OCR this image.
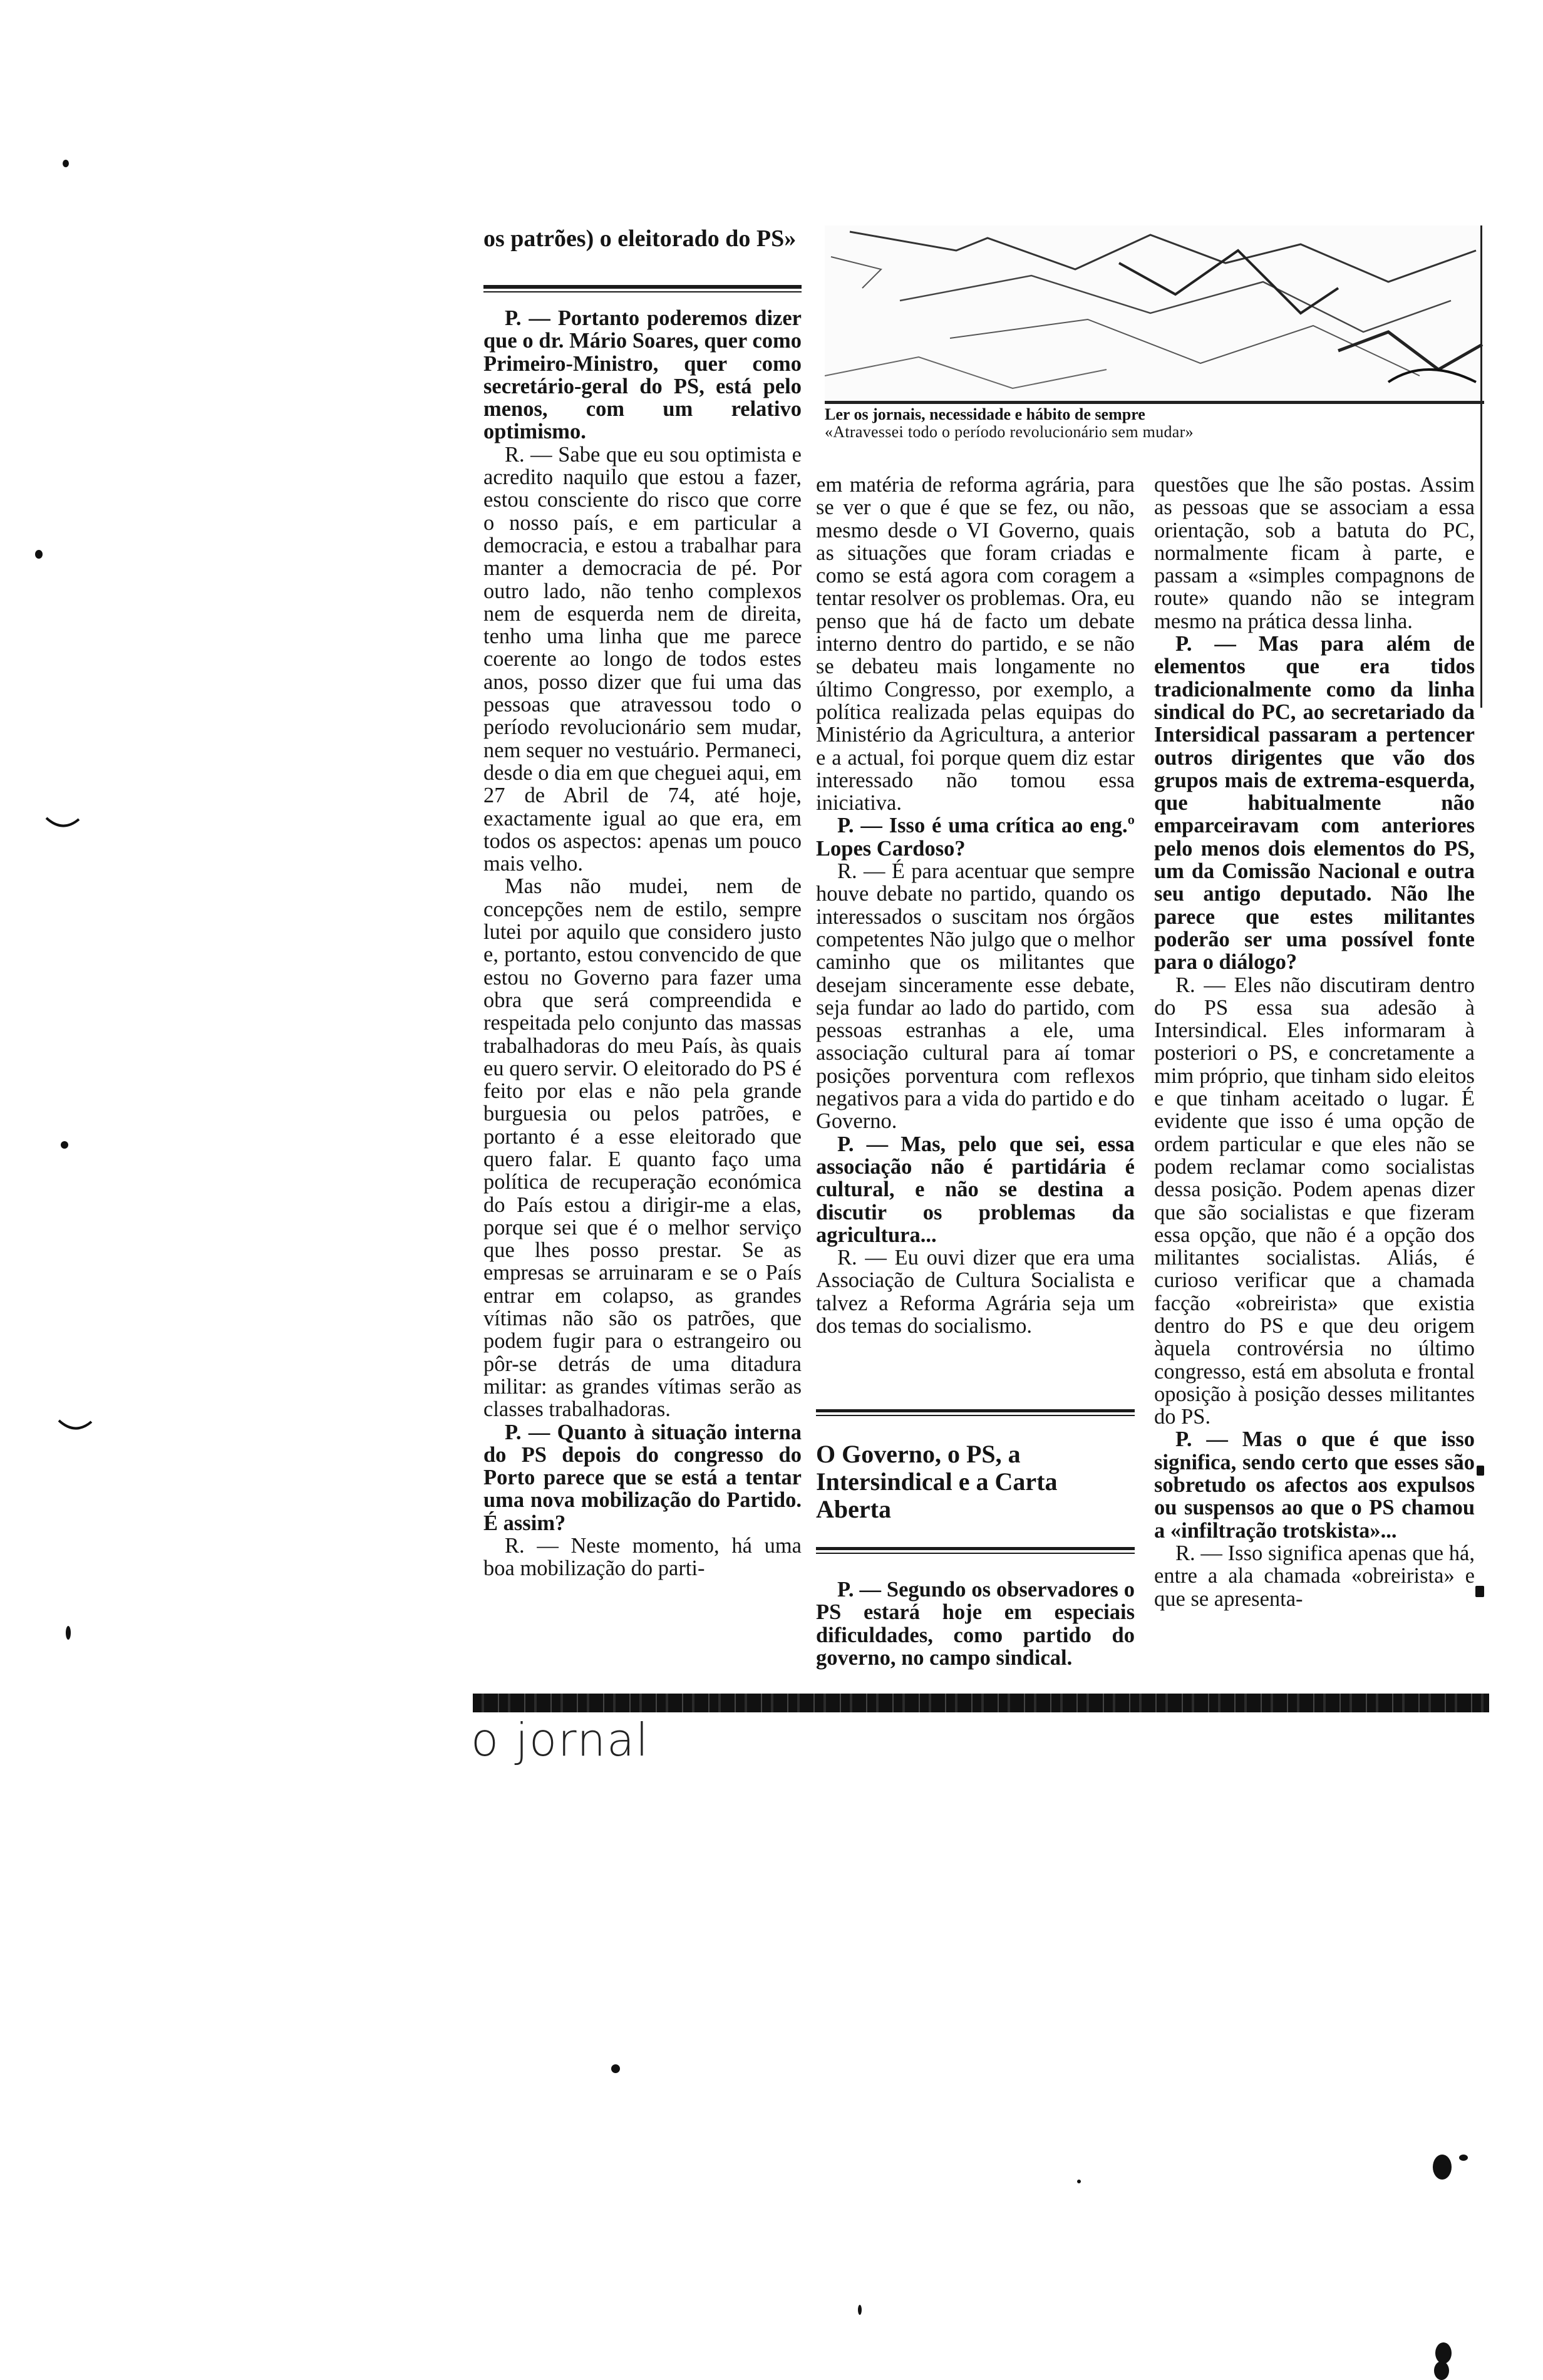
os patrões) o eleitorado do PS»

P. — Portanto poderemos dizer que o dr. Mário Soares, quer como Primeiro-Ministro, quer como secretário-geral do PS, está pelo menos, com um relativo optimismo.

R. — Sabe que eu sou optimista e acredito naquilo que estou a fazer, estou consciente do risco que corre o nosso país, e em particular a democracia, e estou a trabalhar para manter a democracia de pé. Por outro lado, não tenho complexos nem de esquerda nem de direita, tenho uma linha que me parece coerente ao longo de todos estes anos, posso dizer que fui uma das pessoas que atravessou todo o período revolucionário sem mudar, nem sequer no vestuário. Permaneci, desde o dia em que cheguei aqui, em 27 de Abril de 74, até hoje, exactamente igual ao que era, em todos os aspectos: apenas um pouco mais velho.

Mas não mudei, nem de concepções nem de estilo, sempre lutei por aquilo que considero justo e, portanto, estou convencido de que estou no Governo para fazer uma obra que será compreendida e respeitada pelo conjunto das massas trabalhadoras do meu País, às quais eu quero servir. O eleitorado do PS é feito por elas e não pela grande burguesia ou pelos patrões, e portanto é a esse eleitorado que quero falar. E quanto faço uma política de recuperação económica do País estou a dirigir-me a elas, porque sei que é o melhor serviço que lhes posso prestar. Se as empresas se arruinaram e se o País entrar em colapso, as grandes vítimas não são os patrões, que podem fugir para o estrangeiro ou pôr-se detrás de uma ditadura militar: as grandes vítimas serão as classes trabalhadoras.

P. — Quanto à situação interna do PS depois do congresso do Porto parece que se está a tentar uma nova mobilização do Partido. É assim?

R. — Neste momento, há uma boa mobilização do parti-

Ler os jornais, necessidade e hábito de sempre
«Atravessei todo o período revolucionário sem mudar»

em matéria de reforma agrária, para se ver o que é que se fez, ou não, mesmo desde o VI Governo, quais as situações que foram criadas e como se está agora com coragem a tentar resolver os problemas. Ora, eu penso que há de facto um debate interno dentro do partido, e se não se debateu mais longamente no último Congresso, por exemplo, a política realizada pelas equipas do Ministério da Agricultura, a anterior e a actual, foi porque quem diz estar interessado não tomou essa iniciativa.

P. — Isso é uma crítica ao eng.º Lopes Cardoso?

R. — É para acentuar que sempre houve debate no partido, quando os interessados o suscitam nos órgãos competentes Não julgo que o melhor caminho que os militantes que desejam sinceramente esse debate, seja fundar ao lado do partido, com pessoas estranhas a ele, uma associação cultural para aí tomar posições porventura com reflexos negativos para a vida do partido e do Governo.

P. — Mas, pelo que sei, essa associação não é partidária é cultural, e não se destina a discutir os problemas da agricultura...

R. — Eu ouvi dizer que era uma Associação de Cultura Socialista e talvez a Reforma Agrária seja um dos temas do socialismo.

O Governo, o PS, a Intersindical e a Carta Aberta

P. — Segundo os observadores o PS estará hoje em especiais dificuldades, como partido do governo, no campo sindical.

questões que lhe são postas. Assim as pessoas que se associam a essa orientação, sob a batuta do PC, normalmente ficam à parte, e passam a «simples compagnons de route» quando não se integram mesmo na prática dessa linha.

P. — Mas para além de elementos que era tidos tradicionalmente como da linha sindical do PC, ao secretariado da Intersidical passaram a pertencer outros dirigentes que vão dos grupos mais de extrema-esquerda, que habitualmente não emparceiravam com anteriores pelo menos dois elementos do PS, um da Comissão Nacional e outra seu antigo deputado. Não lhe parece que estes militantes poderão ser uma possível fonte para o diálogo?

R. — Eles não discutiram dentro do PS essa sua adesão à Intersindical. Eles informaram à posteriori o PS, e concretamente a mim próprio, que tinham sido eleitos e que tinham aceitado o lugar. É evidente que isso é uma opção de ordem particular e que eles não se podem reclamar como socialistas dessa posição. Podem apenas dizer que são socialistas e que fizeram essa opção, que não é a opção dos militantes socialistas. Aliás, é curioso verificar que a chamada facção «obreirista» que existia dentro do PS e que deu origem àquela controvérsia no último congresso, está em absoluta e frontal oposição à posição desses militantes do PS.

P. — Mas o que é que isso significa, sendo certo que esses são sobretudo os afectos aos expulsos ou suspensos ao que o PS chamou a «infiltração trotskista»...

R. — Isso significa apenas que há, entre a ala chamada «obreirista» e que se apresenta-

o jornal
